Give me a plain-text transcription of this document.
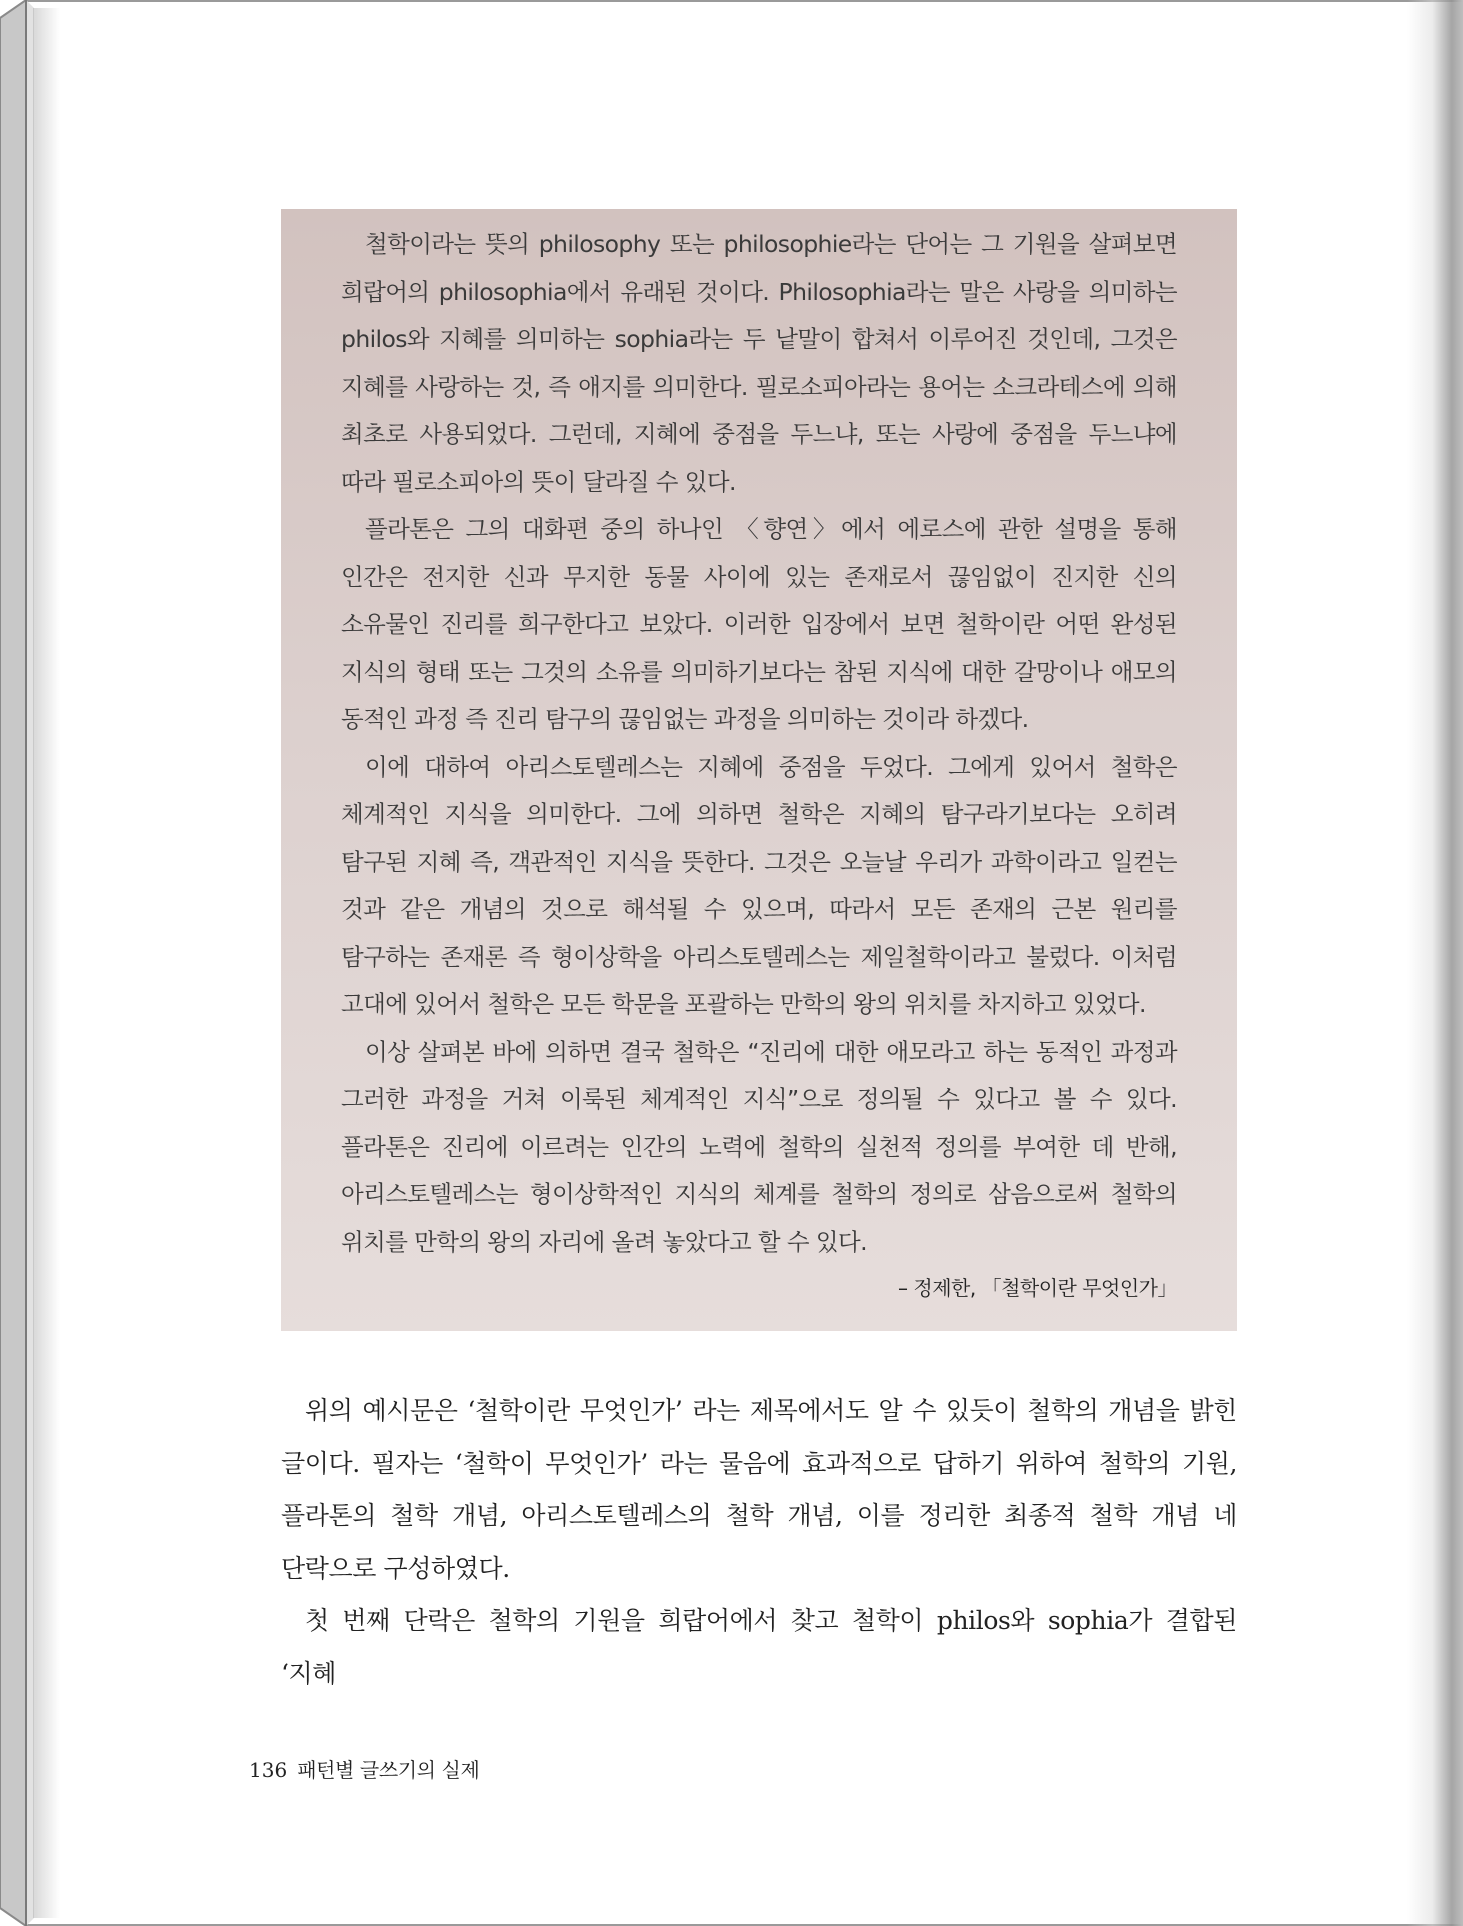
철학이라는 뜻의 philosophy 또는 philosophie라는 단어는 그 기원을 살펴보면 희랍어의 philosophia에서 유래된 것이다. Philosophia라는 말은 사랑을 의미하는 philos와 지혜를 의미하는 sophia라는 두 낱말이 합쳐서 이루어진 것인데, 그것은 지혜를 사랑하는 것, 즉 애지를 의미한다. 필로소피아라는 용어는 소크라테스에 의해 최초로 사용되었다. 그런데, 지혜에 중점을 두느냐, 또는 사랑에 중점을 두느냐에 따라 필로소피아의 뜻이 달라질 수 있다.

플라톤은 그의 대화편 중의 하나인 〈향연〉에서 에로스에 관한 설명을 통해 인간은 전지한 신과 무지한 동물 사이에 있는 존재로서 끊임없이 진지한 신의 소유물인 진리를 희구한다고 보았다. 이러한 입장에서 보면 철학이란 어떤 완성된 지식의 형태 또는 그것의 소유를 의미하기보다는 참된 지식에 대한 갈망이나 애모의 동적인 과정 즉 진리 탐구의 끊임없는 과정을 의미하는 것이라 하겠다.

이에 대하여 아리스토텔레스는 지혜에 중점을 두었다. 그에게 있어서 철학은 체계적인 지식을 의미한다. 그에 의하면 철학은 지혜의 탐구라기보다는 오히려 탐구된 지혜 즉, 객관적인 지식을 뜻한다. 그것은 오늘날 우리가 과학이라고 일컫는 것과 같은 개념의 것으로 해석될 수 있으며, 따라서 모든 존재의 근본 원리를 탐구하는 존재론 즉 형이상학을 아리스토텔레스는 제일철학이라고 불렀다. 이처럼 고대에 있어서 철학은 모든 학문을 포괄하는 만학의 왕의 위치를 차지하고 있었다.

이상 살펴본 바에 의하면 결국 철학은 “진리에 대한 애모라고 하는 동적인 과정과 그러한 과정을 거쳐 이룩된 체계적인 지식”으로 정의될 수 있다고 볼 수 있다. 플라톤은 진리에 이르려는 인간의 노력에 철학의 실천적 정의를 부여한 데 반해, 아리스토텔레스는 형이상학적인 지식의 체계를 철학의 정의로 삼음으로써 철학의 위치를 만학의 왕의 자리에 올려 놓았다고 할 수 있다.

– 정제한, 「철학이란 무엇인가」

위의 예시문은 ‘철학이란 무엇인가’ 라는 제목에서도 알 수 있듯이 철학의 개념을 밝힌 글이다. 필자는 ‘철학이 무엇인가’ 라는 물음에 효과적으로 답하기 위하여 철학의 기원, 플라톤의 철학 개념, 아리스토텔레스의 철학 개념, 이를 정리한 최종적 철학 개념 네 단락으로 구성하였다.

첫 번째 단락은 철학의 기원을 희랍어에서 찾고 철학이 philos와 sophia가 결합된 ‘지혜

136 패턴별 글쓰기의 실제
